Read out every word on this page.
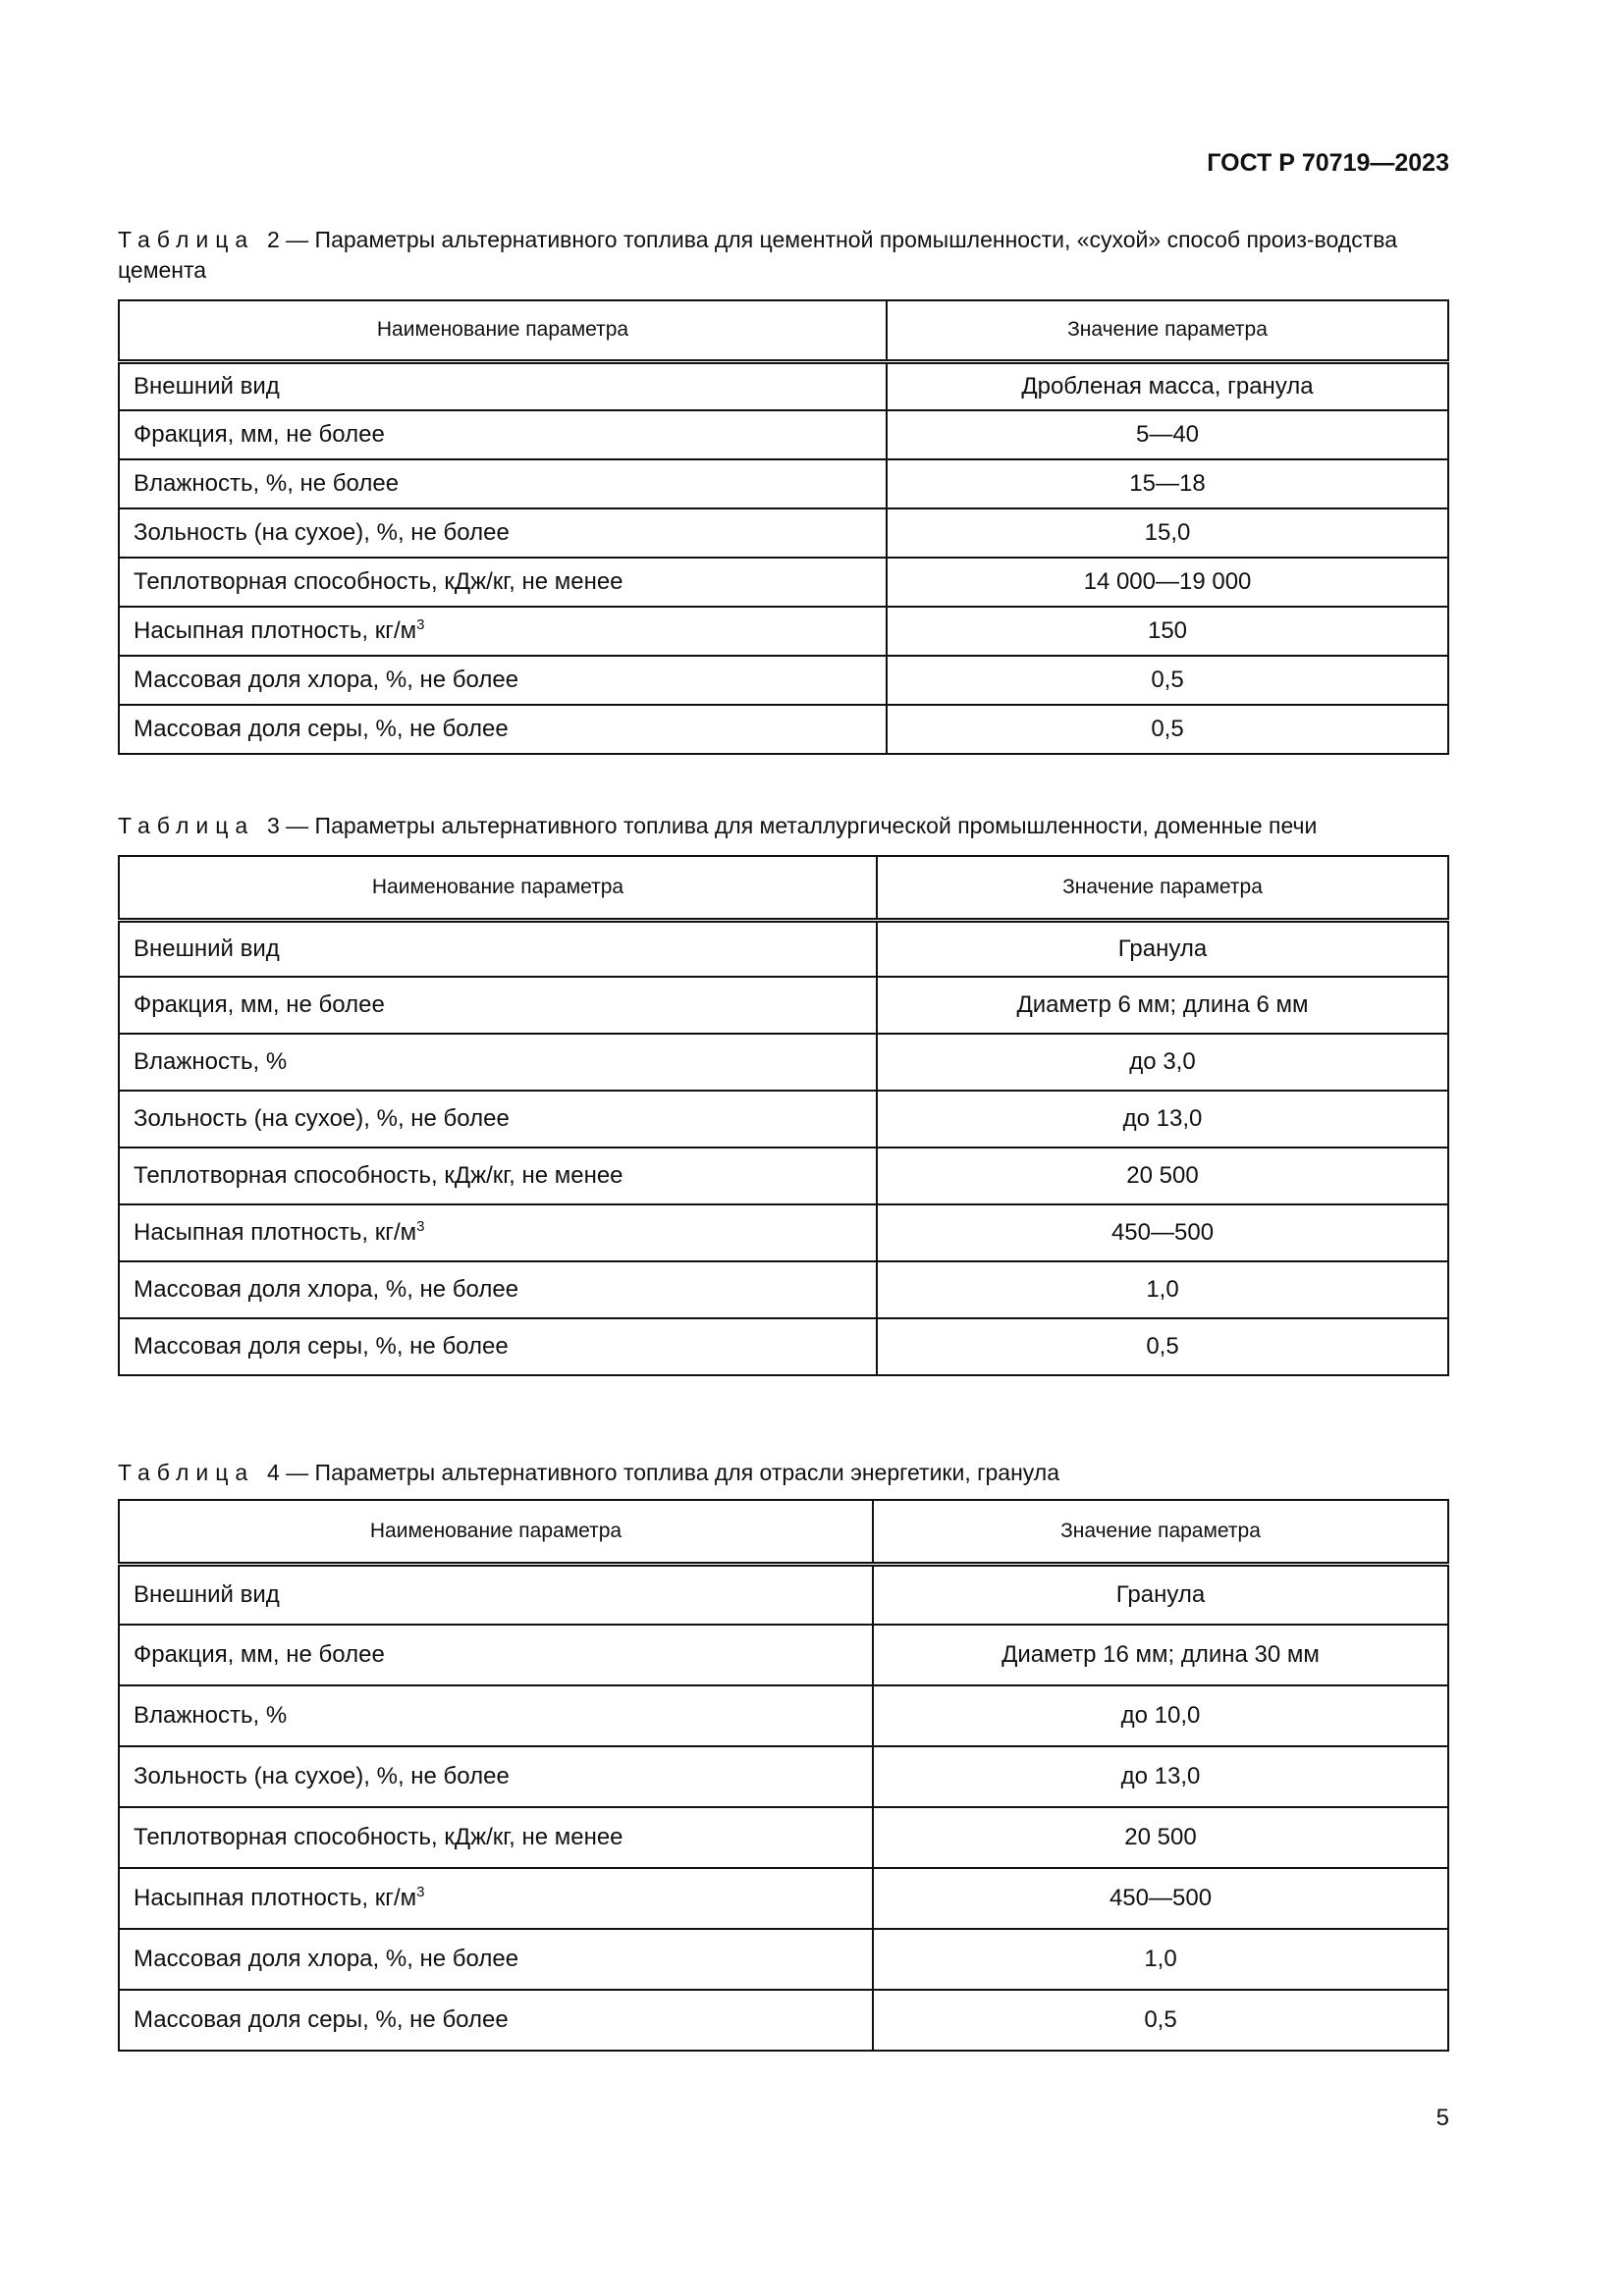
ГОСТ Р 70719—2023
Таблица 2 — Параметры альтернативного топлива для цементной промышленности, «сухой» способ произ-водства цемента
Наименование параметра	Значение параметра
Внешний вид	Дробленая масса, гранула
Фракция, мм, не более	5—40
Влажность, %, не более	15—18
Зольность (на сухое), %, не более	15,0
Теплотворная способность, кДж/кг, не менее	14 000—19 000
Насыпная плотность, $кг/м^3$	150
Массовая доля хлора, %, не более	0,5
Массовая доля серы, %, не более	0,5
Таблица 3 — Параметры альтернативного топлива для металлургической промышленности, доменные печи
Наименование параметра	Значение параметра
Внешний вид	Гранула
Фракция, мм, не более	Диаметр 6 мм; длина 6 мм
Влажность, %	до 3,0
Зольность (на сухое), %, не более	до 13,0
Теплотворная способность, кДж/кг, не менее	20 500
Насыпная плотность, $кг/м^3$	450—500
Массовая доля хлора, %, не более	1,0
Массовая доля серы, %, не более	0,5
Таблица 4 — Параметры альтернативного топлива для отрасли энергетики, гранула
Наименование параметра	Значение параметра
Внешний вид	Гранула
Фракция, мм, не более	Диаметр 16 мм; длина 30 мм
Влажность, %	до 10,0
Зольность (на сухое), %, не более	до 13,0
Теплотворная способность, кДж/кг, не менее	20 500
Насыпная плотность, $кг/м^3$	450—500
Массовая доля хлора, %, не более	1,0
Массовая доля серы, %, не более	0,5
5
